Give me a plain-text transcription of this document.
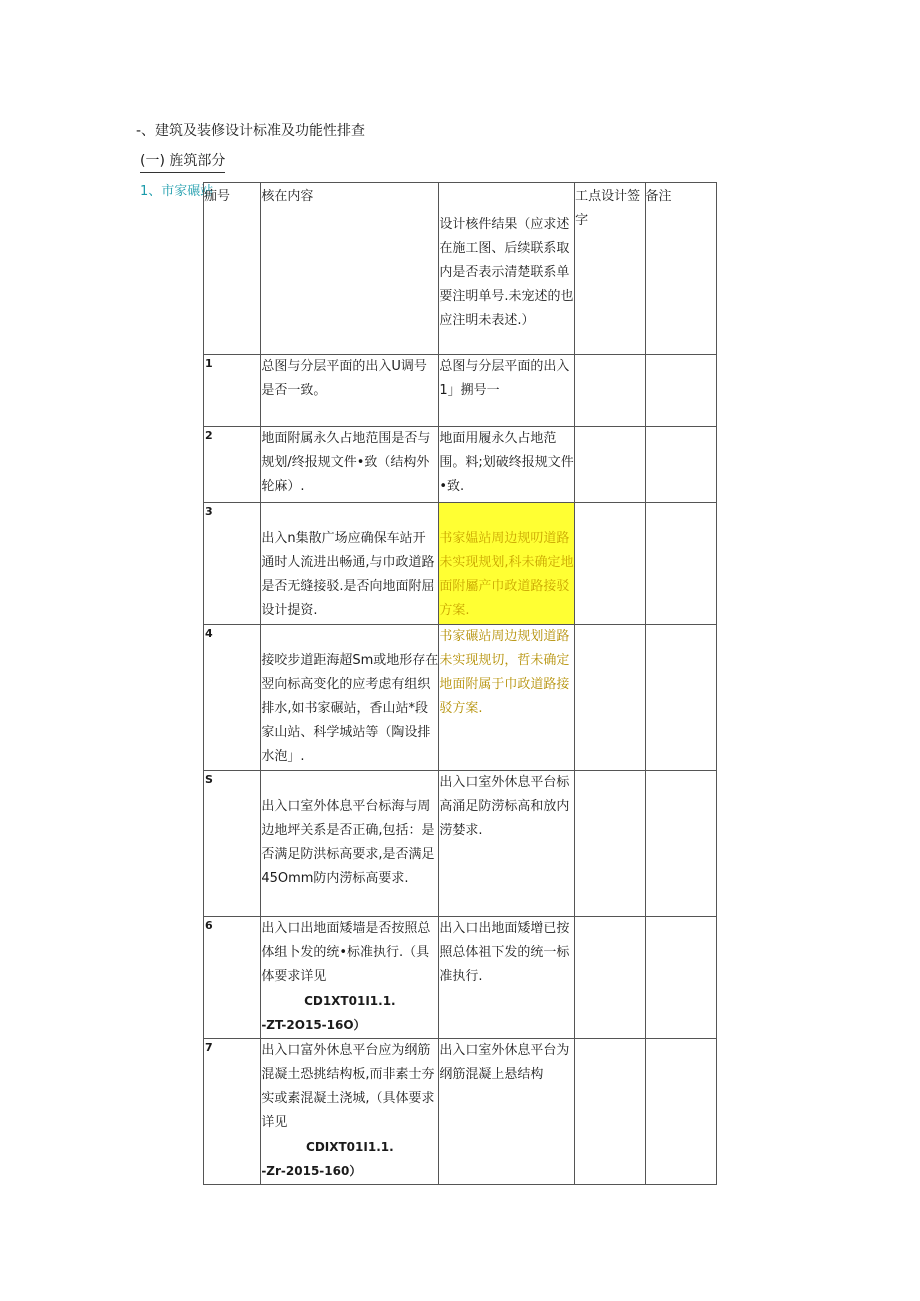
-、建筑及装修设计标准及功能性排查
(一) 旌筑部分
1、市家碾站
痂号	核在内容	设计核件结果（应求述在施工图、后续联系取内是否表示清楚联系单要注明单号.未宠述的也应注明未表述.）	工点设计签字	备注
1	总图与分层平面的出入U调号是否一致。	总图与分层平面的出入1」搠号一		
2	地面附属永久占地范围是否与规划/终报规文件•致（结构外轮麻）.	地面用履永久占地范围。料;划破终报规文件•致.		
3	出入n集散广场应确保车站开通时人流进出畅通,与巾政道路是否无缝接驳.是否向地面附屈设计提资.	书家媪站周边规叨道路未实现规划,科未确定地面附屬产巾政道路接驳方案.		
4	接咬步道距海超Sm或地形存在翌向标高变化的应考虑有组织排水,如书家碾站，香山站*段家山站、科学城站等（陶设排水泡」.	书家碾站周边规划道路未实现规切，哲未确定地面附属于巾政道路接驳方案.		
S	出入口室外体息平台标海与周边地坪关系是否正确,包括：是否满足防洪标高要求,是否满足45Omm防内涝标高要求.	出入口室外休息平台标高涌足防涝标高和放内涝婪求.		
6	出入口出地面矮墙是否按照总体组卜发的统•标准执行.（具体要求详见
CD1XT01I1.1.
-ZT-2O15-16O）	出入口出地面矮增已按照总体祖下发的统一标准执行.		
7	出入口富外休息平台应为纲筋混凝土恐挑结构板,而非素士夯实或素混凝土浇城,（具体要求详见
CDIXT01I1.1.
-Zr-2015-160）	出入口室外休息平台为纲筋混凝上悬结构		
